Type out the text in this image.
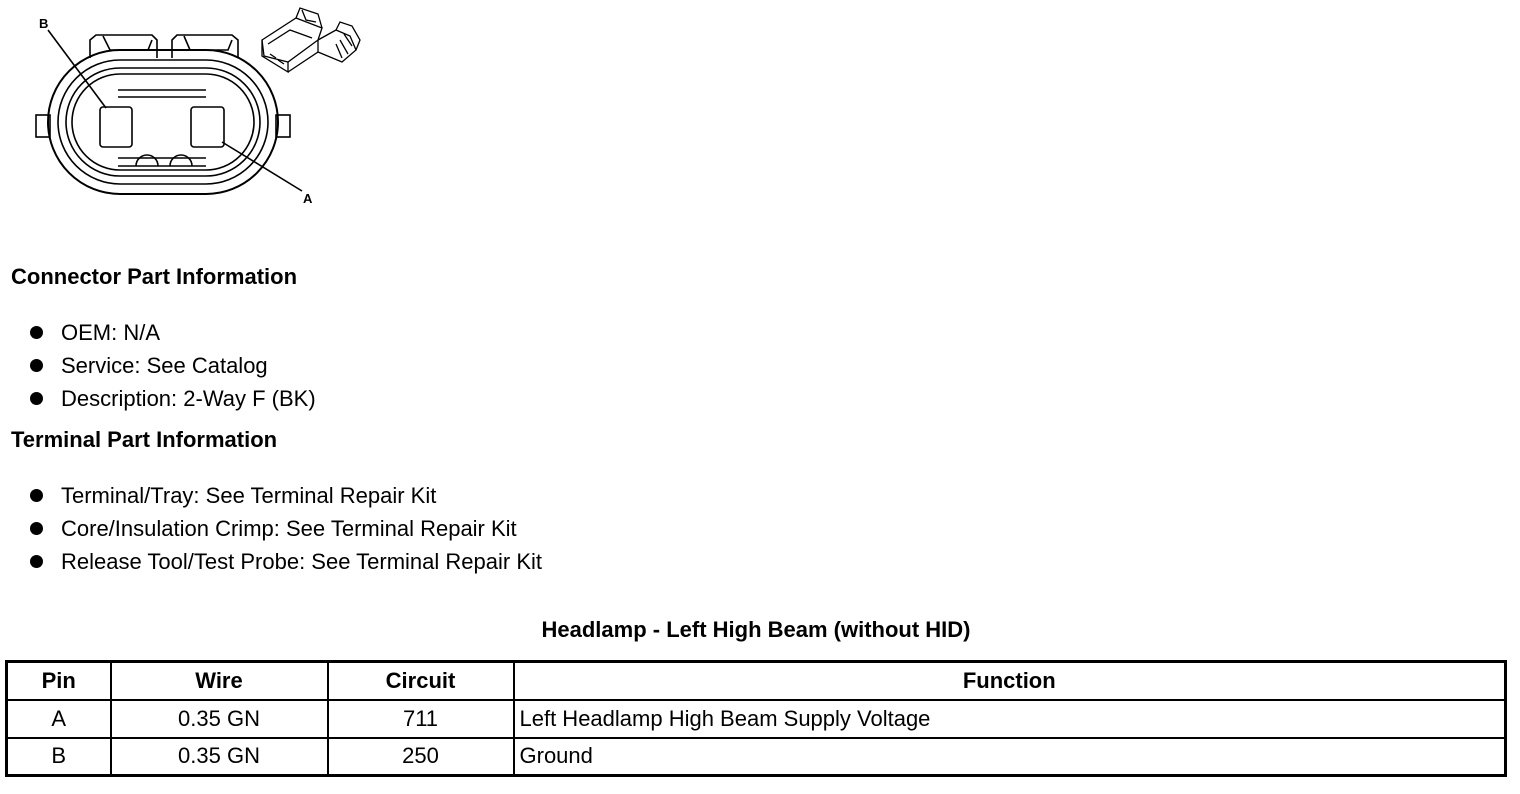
B
A
Connector Part Information
OEM: N/A
Service: See Catalog
Description: 2-Way F (BK)
Terminal Part Information
Terminal/Tray: See Terminal Repair Kit
Core/Insulation Crimp: See Terminal Repair Kit
Release Tool/Test Probe: See Terminal Repair Kit
Headlamp - Left High Beam (without HID)
Pin	Wire	Circuit	Function
A	0.35 GN	711	Left Headlamp High Beam Supply Voltage
B	0.35 GN	250	Ground
